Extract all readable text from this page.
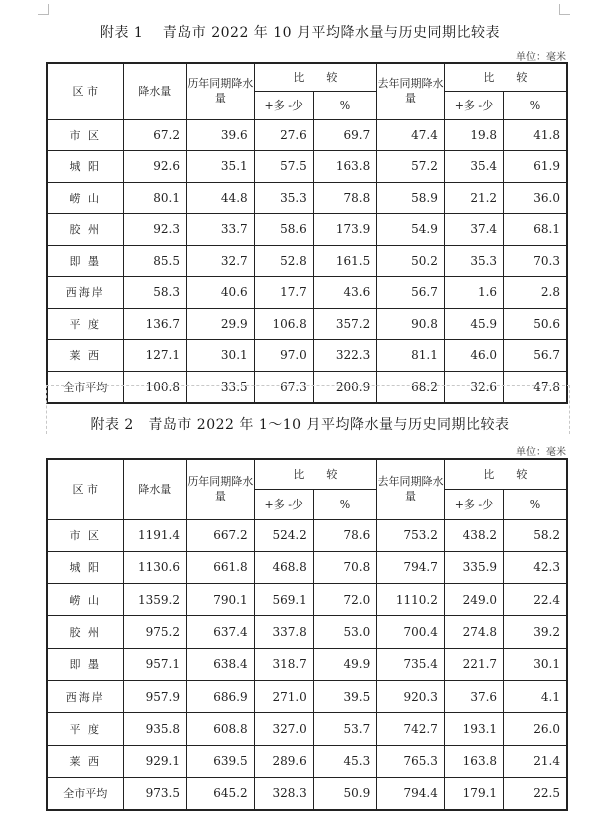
附表 1　 青岛市 2022 年 10 月平均降水量与历史同期比较表
单位：毫米
区 市	降水量	历年同期降水量	比　　较		去年同期降水量	比　　较	
			+多 -少	%		+多 -少	%
市 区	67.2	39.6	27.6	69.7	47.4	19.8	41.8
城 阳	92.6	35.1	57.5	163.8	57.2	35.4	61.9
崂 山	80.1	44.8	35.3	78.8	58.9	21.2	36.0
胶 州	92.3	33.7	58.6	173.9	54.9	37.4	68.1
即 墨	85.5	32.7	52.8	161.5	50.2	35.3	70.3
西海岸	58.3	40.6	17.7	43.6	56.7	1.6	2.8
平 度	136.7	29.9	106.8	357.2	90.8	45.9	50.6
莱 西	127.1	30.1	97.0	322.3	81.1	46.0	56.7
全市平均	100.8	33.5	67.3	200.9	68.2	32.6	47.8
附表 2　青岛市 2022 年 1～10 月平均降水量与历史同期比较表
单位：毫米
区 市	降水量	历年同期降水量	比　　较		去年同期降水量	比　　较	
			+多 -少	%		+多 -少	%
市 区	1191.4	667.2	524.2	78.6	753.2	438.2	58.2
城 阳	1130.6	661.8	468.8	70.8	794.7	335.9	42.3
崂 山	1359.2	790.1	569.1	72.0	1110.2	249.0	22.4
胶 州	975.2	637.4	337.8	53.0	700.4	274.8	39.2
即 墨	957.1	638.4	318.7	49.9	735.4	221.7	30.1
西海岸	957.9	686.9	271.0	39.5	920.3	37.6	4.1
平 度	935.8	608.8	327.0	53.7	742.7	193.1	26.0
莱 西	929.1	639.5	289.6	45.3	765.3	163.8	21.4
全市平均	973.5	645.2	328.3	50.9	794.4	179.1	22.5
